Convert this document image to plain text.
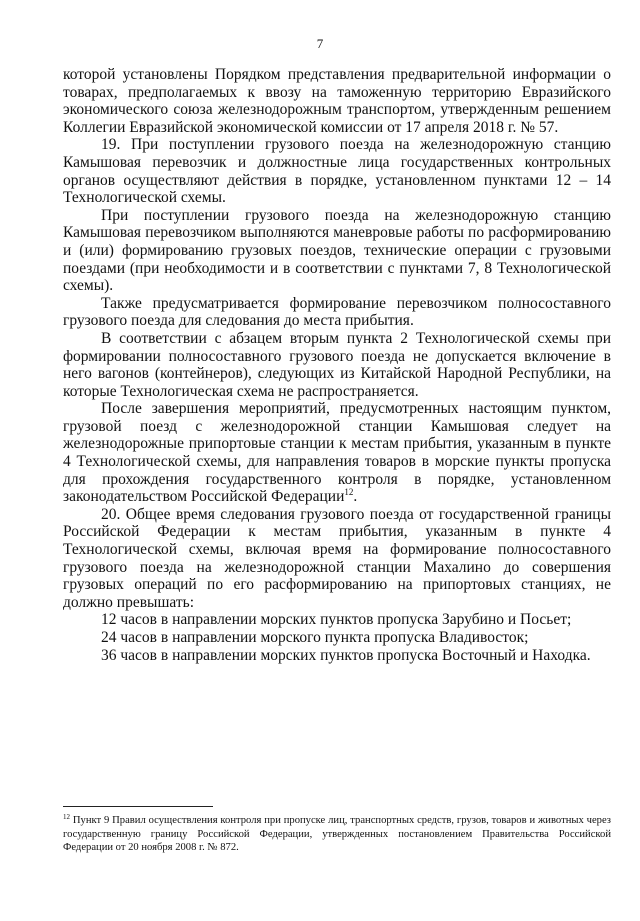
7

которой установлены Порядком представления предварительной информации о товарах, предполагаемых к ввозу на таможенную территорию Евразийского экономического союза железнодорожным транспортом, утвержденным решением Коллегии Евразийской экономической комиссии от 17 апреля 2018 г. № 57.

19. При поступлении грузового поезда на железнодорожную станцию Камышовая перевозчик и должностные лица государственных контрольных органов осуществляют действия в порядке, установленном пунктами 12 – 14 Технологической схемы.

При поступлении грузового поезда на железнодорожную станцию Камышовая перевозчиком выполняются маневровые работы по расформированию и (или) формированию грузовых поездов, технические операции с грузовыми поездами (при необходимости и в соответствии с пунктами 7, 8 Технологической схемы).

Также предусматривается формирование перевозчиком полносоставного грузового поезда для следования до места прибытия.

В соответствии с абзацем вторым пункта 2 Технологической схемы при формировании полносоставного грузового поезда не допускается включение в него вагонов (контейнеров), следующих из Китайской Народной Республики, на которые Технологическая схема не распространяется.

После завершения мероприятий, предусмотренных настоящим пунктом, грузовой поезд с железнодорожной станции Камышовая следует на железнодорожные припортовые станции к местам прибытия, указанным в пункте 4 Технологической схемы, для направления товаров в морские пункты пропуска для прохождения государственного контроля в порядке, установленном законодательством Российской Федерации$^{12}$.

20. Общее время следования грузового поезда от государственной границы Российской Федерации к местам прибытия, указанным в пункте 4 Технологической схемы, включая время на формирование полносоставного грузового поезда на железнодорожной станции Махалино до совершения грузовых операций по его расформированию на припортовых станциях, не должно превышать:

12 часов в направлении морских пунктов пропуска Зарубино и Посьет;

24 часов в направлении морского пункта пропуска Владивосток;

36 часов в направлении морских пунктов пропуска Восточный и Находка.

$^{12}$ Пункт 9 Правил осуществления контроля при пропуске лиц, транспортных средств, грузов, товаров и животных через государственную границу Российской Федерации, утвержденных постановлением Правительства Российской Федерации от 20 ноября 2008 г. № 872.
